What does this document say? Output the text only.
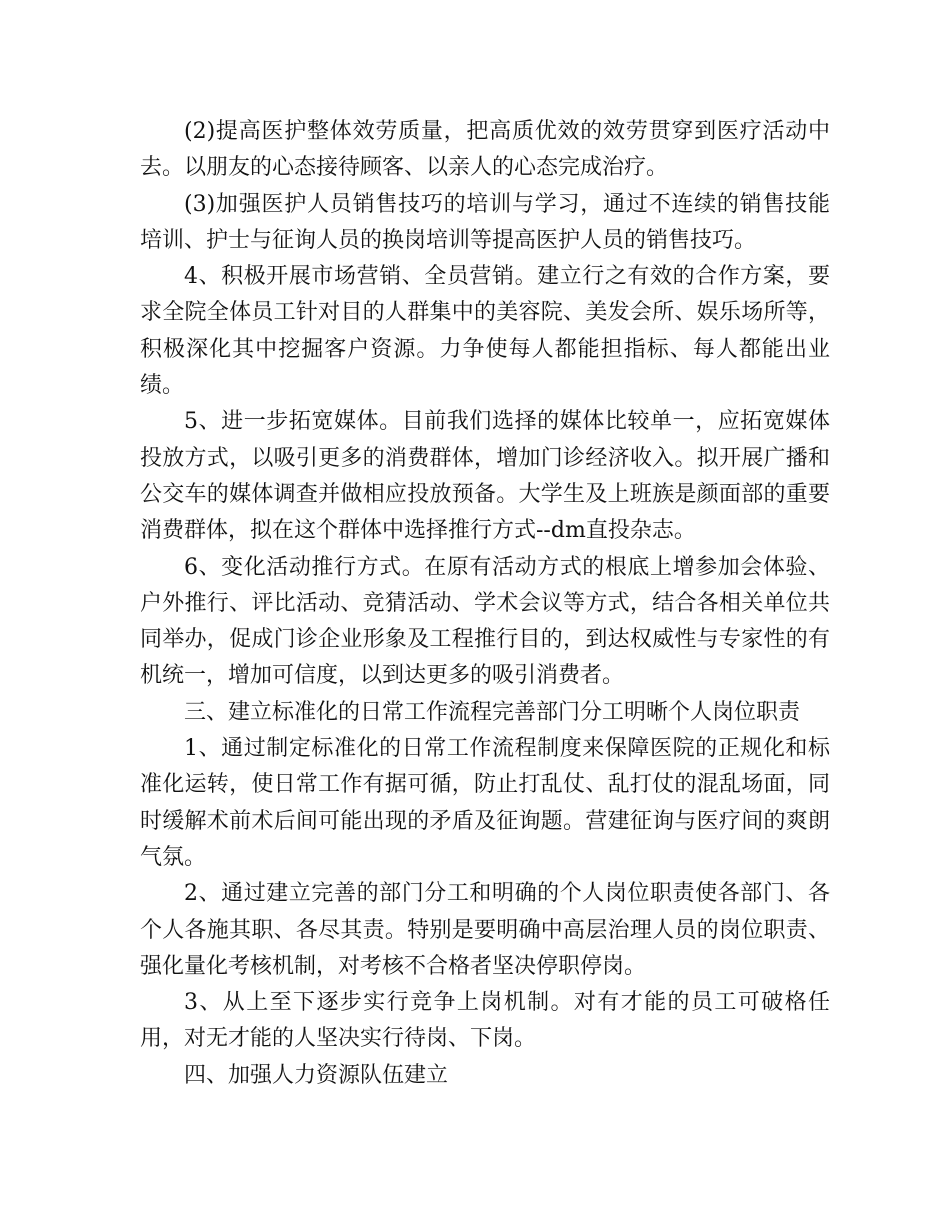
(2)提高医护整体效劳质量，把高质优效的效劳贯穿到医疗活动中去。以朋友的心态接待顾客、以亲人的心态完成治疗。

(3)加强医护人员销售技巧的培训与学习，通过不连续的销售技能培训、护士与征询人员的换岗培训等提高医护人员的销售技巧。

4、积极开展市场营销、全员营销。建立行之有效的合作方案，要求全院全体员工针对目的人群集中的美容院、美发会所、娱乐场所等，积极深化其中挖掘客户资源。力争使每人都能担指标、每人都能出业绩。

5、进一步拓宽媒体。目前我们选择的媒体比较单一，应拓宽媒体投放方式，以吸引更多的消费群体，增加门诊经济收入。拟开展广播和公交车的媒体调查并做相应投放预备。大学生及上班族是颜面部的重要消费群体，拟在这个群体中选择推行方式--dm直投杂志。

6、变化活动推行方式。在原有活动方式的根底上增参加会体验、户外推行、评比活动、竞猜活动、学术会议等方式，结合各相关单位共同举办，促成门诊企业形象及工程推行目的，到达权威性与专家性的有机统一，增加可信度，以到达更多的吸引消费者。

三、建立标准化的日常工作流程完善部门分工明晰个人岗位职责

1、通过制定标准化的日常工作流程制度来保障医院的正规化和标准化运转，使日常工作有据可循，防止打乱仗、乱打仗的混乱场面，同时缓解术前术后间可能出现的矛盾及征询题。营建征询与医疗间的爽朗气氛。

2、通过建立完善的部门分工和明确的个人岗位职责使各部门、各个人各施其职、各尽其责。特别是要明确中高层治理人员的岗位职责、强化量化考核机制，对考核不合格者坚决停职停岗。

3、从上至下逐步实行竞争上岗机制。对有才能的员工可破格任用，对无才能的人坚决实行待岗、下岗。

四、加强人力资源队伍建立
